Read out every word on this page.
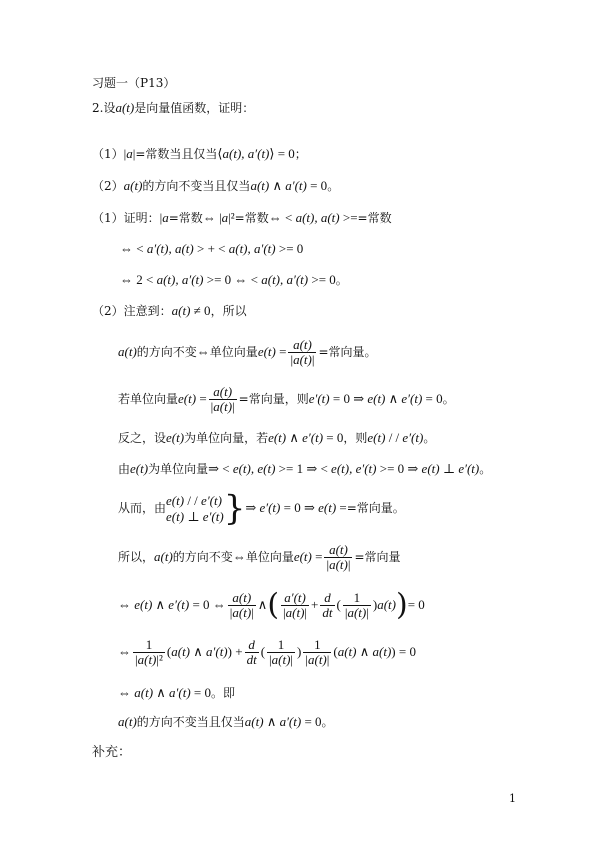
习题一（P13）
2.设a(t)是向量值函数，证明：
（1）|a|=常数当且仅当⟨a(t), a′(t)⟩ = 0；
（2）a(t)的方向不变当且仅当a(t) ∧ a′(t) = 0。
（1）证明：|a=常数⇔ |a|²=常数⇔ < a(t), a(t) >==常数
⇔ < a′(t), a(t) > + < a(t), a′(t) >= 0
⇔ 2 < a(t), a′(t) >= 0 ⇔ < a(t), a′(t) >= 0。
（2）注意到：a(t) ≠ 0，所以
a(t)的方向不变⇔单位向量$e(t) = \frac{a(t)}{|a(t)|}$ =常向量。
若单位向量$e(t) = \frac{a(t)}{|a(t)|}$ =常向量，则e′(t) = 0 ⇒ e(t) ∧ e′(t) = 0。
反之，设e(t)为单位向量，若e(t) ∧ e′(t) = 0，则e(t) / / e′(t)。
由e(t)为单位向量⇒ < e(t), e(t) >= 1 ⇒ < e(t), e′(t) >= 0 ⇒ e(t) ⊥ e′(t)。
从而，由
e(t) / / e′(t)
e(t) ⊥ e′(t) }⇒ e′(t) = 0 ⇒ e(t) ==常向量。
所以，a(t)的方向不变⇔单位向量$e(t) = \frac{a(t)}{|a(t)|}$ =常向量
⇔ e(t) ∧ e′(t) = 0 ⇔ $\frac{a(t)}{|a(t)|}$ ∧( $\frac{a'(t)}{|a(t)|} + \frac{d}{dt}$ ( $\frac{1}{|a(t)|} )a(t))= 0$
⇔ $\frac{1}{\text{|a(t)|²}} (a(t)$ ∧ $a'(t)) + \frac{d}{dt}$ ( $\frac{1}{|a(t)|}$ ) $\frac{1}{|a(t)|} (a(t)$ ∧ a(t)) = 0
⇔ a(t) ∧ a′(t) = 0。即
a(t)的方向不变当且仅当a(t) ∧ a′(t) = 0。
补充：
1
